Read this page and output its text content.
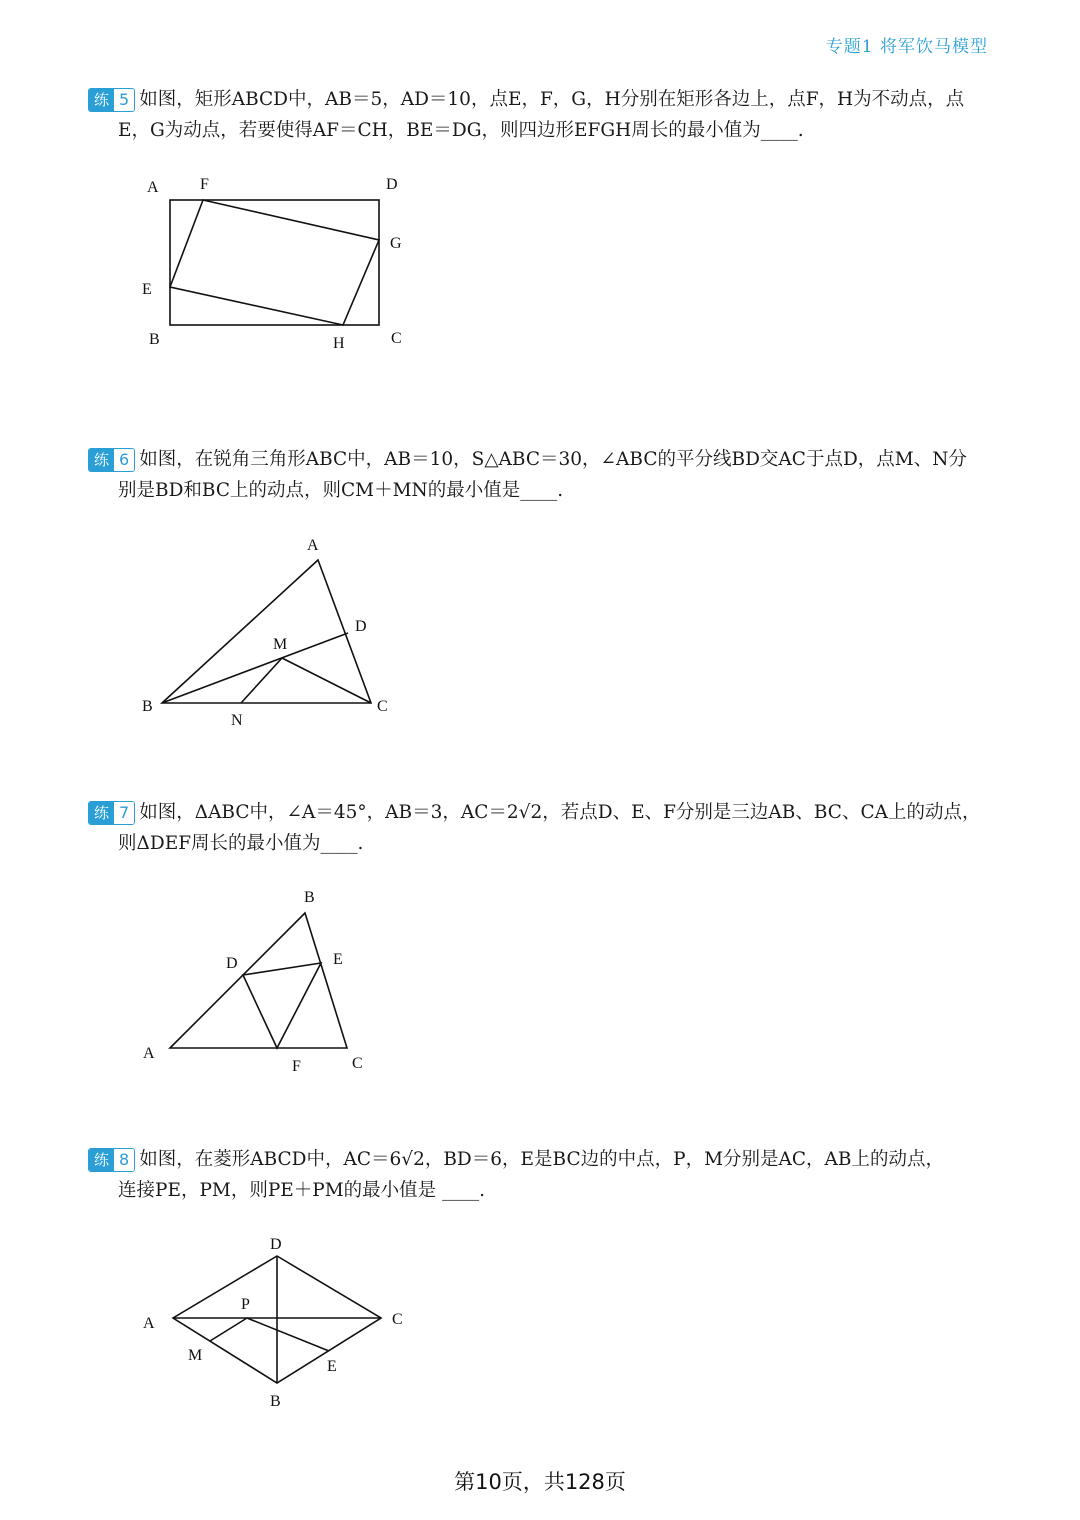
专题1 将军饮马模型
练 5 如图，矩形ABCD中，AB＝5，AD＝10，点E，F，G，H分别在矩形各边上，点F，H为不动点，点
E，G为动点，若要使得AF＝CH，BE＝DG，则四边形EFGH周长的最小值为____.
A	F	D
G
E
B	H	C
练 6 如图，在锐角三角形ABC中，AB＝10，S△ABC＝30，∠ABC的平分线BD交AC于点D，点M、N分
别是BD和BC上的动点，则CM＋MN的最小值是____.
A
D
M
B	C
N
练 7 如图，ΔABC中，∠A＝45°，AB＝3，AC＝2√2，若点D、E、F分别是三边AB、BC、CA上的动点，
则ΔDEF周长的最小值为____.
B
D	E
A
F	C
练 8 如图，在菱形ABCD中，AC＝6√2，BD＝6，E是BC边的中点，P，M分别是AC，AB上的动点，
连接PE，PM，则PE＋PM的最小值是 ____.
D
A	C
P
M
E
B
第10页，共128页
